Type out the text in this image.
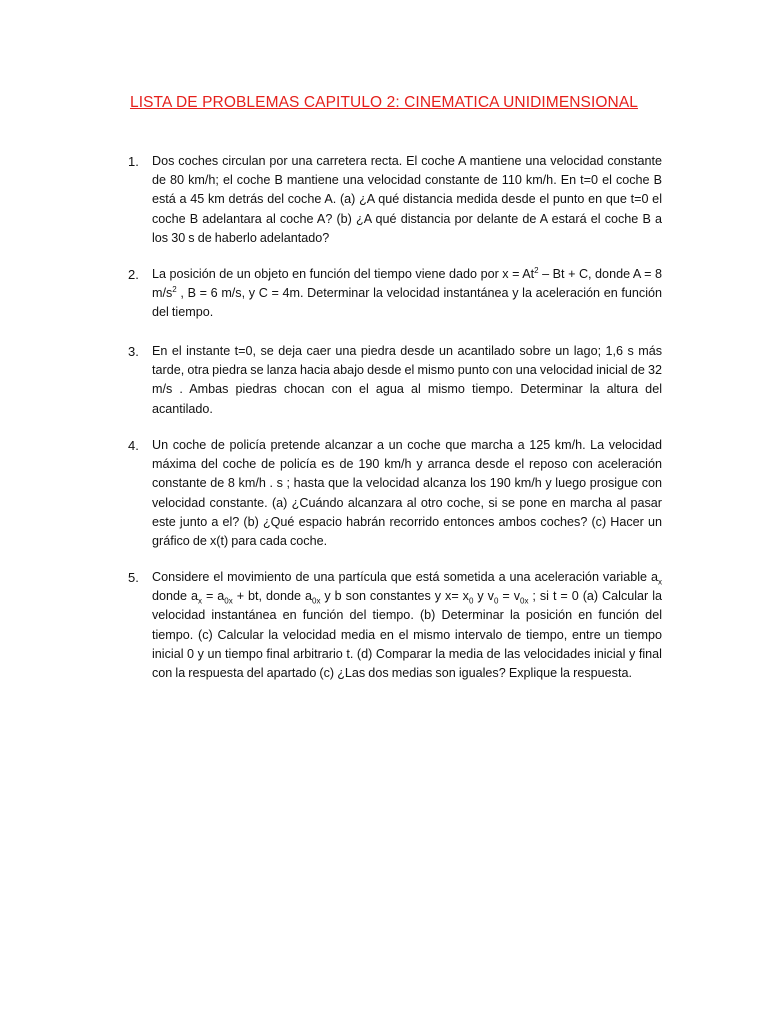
LISTA DE PROBLEMAS CAPITULO 2: CINEMATICA UNIDIMENSIONAL
1. Dos coches circulan por una carretera recta. El coche A mantiene una velocidad constante de 80 km/h; el coche B mantiene una velocidad constante de 110 km/h. En t=0 el coche B está a 45 km detrás del coche A. (a) ¿A qué distancia medida desde el punto en que t=0 el coche B adelantara al coche A? (b) ¿A qué distancia por delante de A estará el coche B a los 30 s de haberlo adelantado?
2. La posición de un objeto en función del tiempo viene dado por $x = At^2 - Bt + C$, donde A = 8 $m/s^2$ , B = 6 m/s, y C = 4m. Determinar la velocidad instantánea y la aceleración en función del tiempo.
3. En el instante t=0, se deja caer una piedra desde un acantilado sobre un lago; 1,6 s más tarde, otra piedra se lanza hacia abajo desde el mismo punto con una velocidad inicial de 32 m/s . Ambas piedras chocan con el agua al mismo tiempo. Determinar la altura del acantilado.
4. Un coche de policía pretende alcanzar a un coche que marcha a 125 km/h. La velocidad máxima del coche de policía es de 190 km/h y arranca desde el reposo con aceleración constante de 8 km/h . s ; hasta que la velocidad alcanza los 190 km/h y luego prosigue con velocidad constante. (a) ¿Cuándo alcanzara al otro coche, si se pone en marcha al pasar este junto a el? (b) ¿Qué espacio habrán recorrido entonces ambos coches? (c) Hacer un gráfico de x(t) para cada coche.
5. Considere el movimiento de una partícula que está sometida a una aceleración variable $a_x$ donde $a_x = a_{0x}$ + bt, donde $a_{0x}$ y b son constantes y $x= x_0$ y $v_0 = v_{0x}$ ; si t = 0 (a) Calcular la velocidad instantánea en función del tiempo. (b) Determinar la posición en función del tiempo. (c) Calcular la velocidad media en el mismo intervalo de tiempo, entre un tiempo inicial 0 y un tiempo final arbitrario t. (d) Comparar la media de las velocidades inicial y final con la respuesta del apartado (c) ¿Las dos medias son iguales? Explique la respuesta.
